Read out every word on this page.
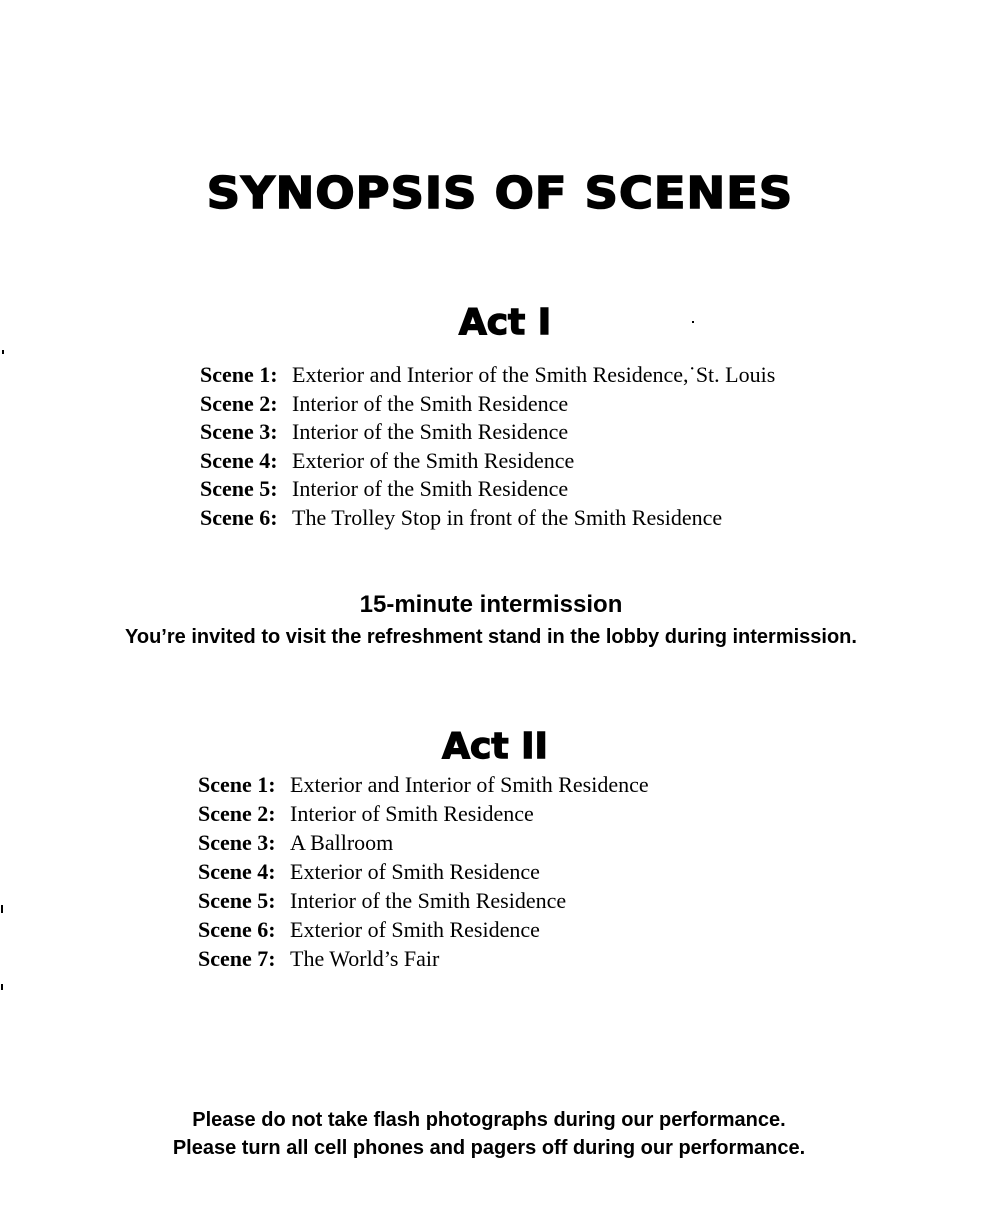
SYNOPSIS OF SCENES
Act I
Scene 1: Exterior and Interior of the Smith Residence,˙St. Louis
Scene 2: Interior of the Smith Residence
Scene 3: Interior of the Smith Residence
Scene 4: Exterior of the Smith Residence
Scene 5: Interior of the Smith Residence
Scene 6: The Trolley Stop in front of the Smith Residence
15-minute intermission
You’re invited to visit the refreshment stand in the lobby during intermission.
Act II
Scene 1: Exterior and Interior of Smith Residence
Scene 2: Interior of Smith Residence
Scene 3: A Ballroom
Scene 4: Exterior of Smith Residence
Scene 5: Interior of the Smith Residence
Scene 6: Exterior of Smith Residence
Scene 7: The World’s Fair
Please do not take flash photographs during our performance.
Please turn all cell phones and pagers off during our performance.
